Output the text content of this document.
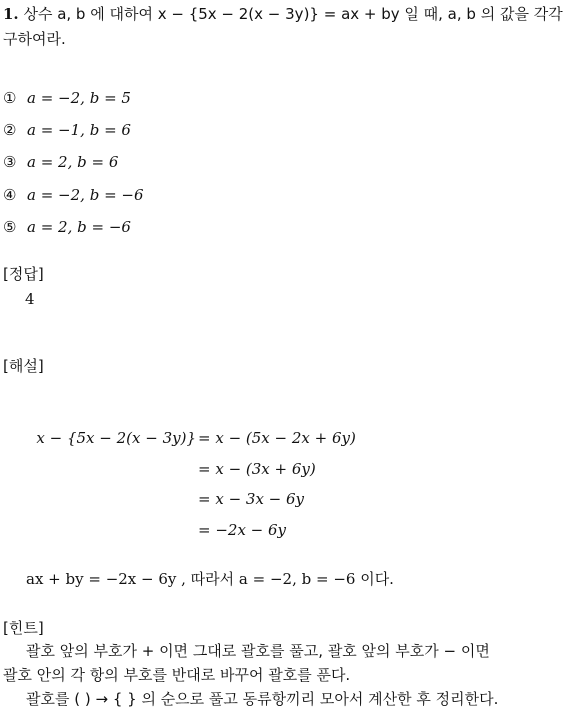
1. 상수 a, b 에 대하여 x − {5x − 2(x − 3y)} = ax + by 일 때, a, b 의 값을 각각
구하여라.
① a = −2, b = 5
② a = −1, b = 6
③ a = 2, b = 6
④ a = −2, b = −6
⑤ a = 2, b = −6
[정답]
4
[해설]
x − {5x − 2(x − 3y)} = x − (5x − 2x + 6y)
= x − (3x + 6y)
= x − 3x − 6y
= −2x − 6y
ax + by = −2x − 6y , 따라서 a = −2, b = −6 이다.
[힌트]
괄호 앞의 부호가 + 이면 그대로 괄호를 풀고, 괄호 앞의 부호가 − 이면
괄호 안의 각 항의 부호를 반대로 바꾸어 괄호를 푼다.
괄호를 ( ) → { } 의 순으로 풀고 동류항끼리 모아서 계산한 후 정리한다.
